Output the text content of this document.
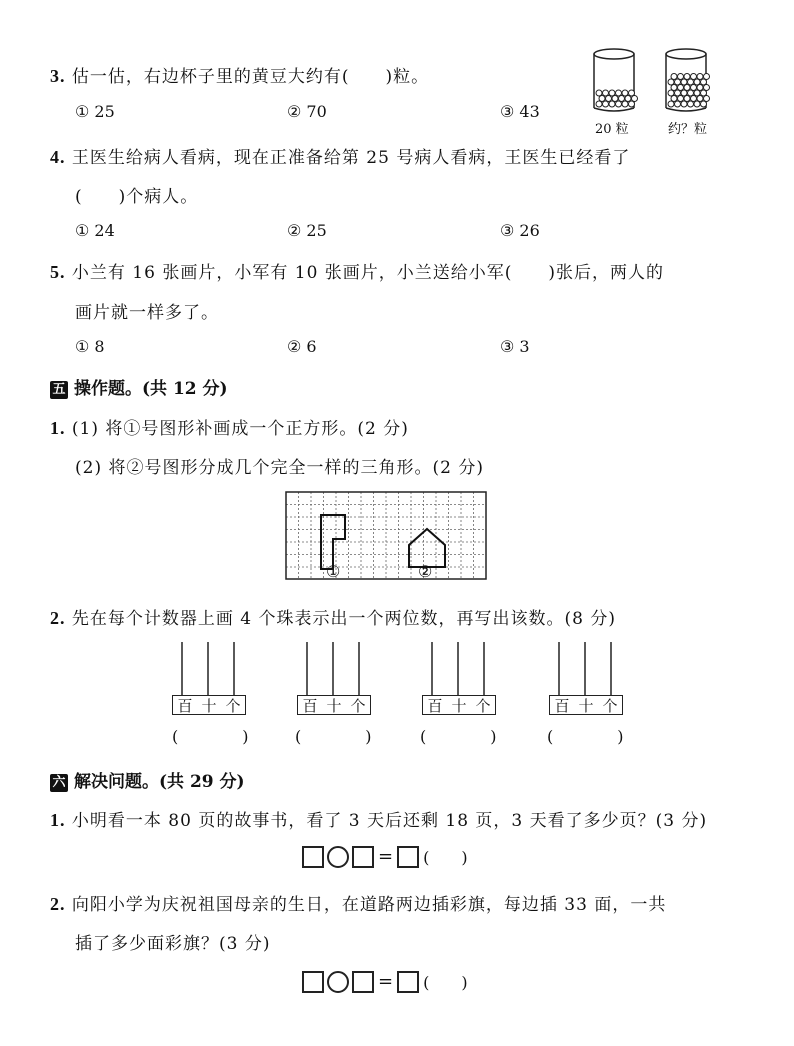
3. 估一估，右边杯子里的黄豆大约有(　　)粒。
① 25	② 70	③ 43
20 粒	约？粒
4. 王医生给病人看病，现在正准备给第 25 号病人看病，王医生已经看了
(　　)个病人。
① 24	② 25	③ 26
5. 小兰有 16 张画片，小军有 10 张画片，小兰送给小军(　　)张后，两人的
画片就一样多了。
① 8	② 6	③ 3
五 操作题。(共 12 分)
1. (1) 将①号图形补画成一个正方形。(2 分)
(2) 将②号图形分成几个完全一样的三角形。(2 分)
①	②
2. 先在每个计数器上画 4 个珠表示出一个两位数，再写出该数。(8 分)
百 十 个
(　　　　)
百 十 个
(　　　　)
百 十 个
(　　　　)
百 十 个
(　　　　)
六 解决问题。(共 29 分)
1. 小明看一本 80 页的故事书，看了 3 天后还剩 18 页，3 天看了多少页？(3 分)
= (　　)
2. 向阳小学为庆祝祖国母亲的生日，在道路两边插彩旗，每边插 33 面，一共
插了多少面彩旗？(3 分)
= (　　)
